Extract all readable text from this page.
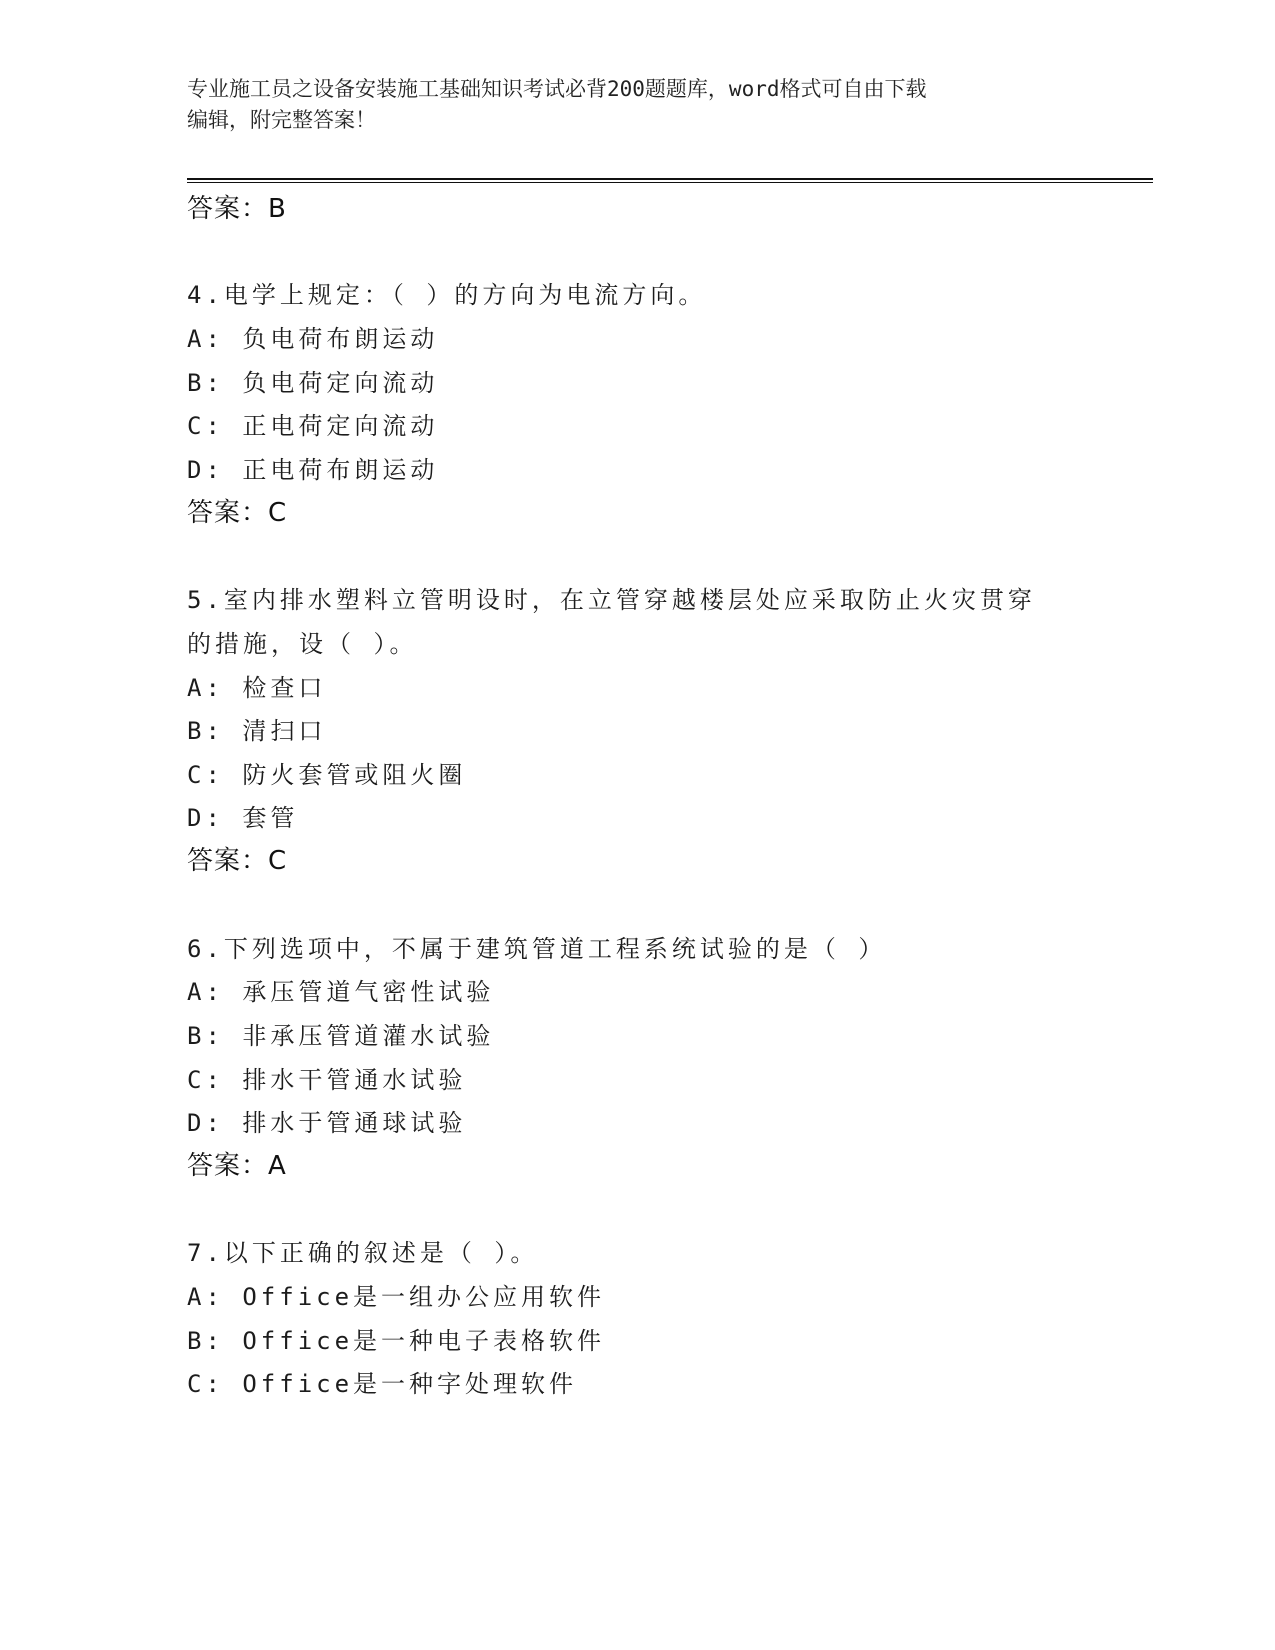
专业施工员之设备安装施工基础知识考试必背200题题库，word格式可自由下载
编辑，附完整答案！
答案：B
4.电学上规定：（ ）的方向为电流方向。
A: 负电荷布朗运动
B: 负电荷定向流动
C: 正电荷定向流动
D: 正电荷布朗运动
答案：C
5.室内排水塑料立管明设时，在立管穿越楼层处应采取防止火灾贯穿
的措施，设（ ）。
A: 检查口
B: 清扫口
C: 防火套管或阻火圈
D: 套管
答案：C
6.下列选项中，不属于建筑管道工程系统试验的是（ ）
A: 承压管道气密性试验
B: 非承压管道灌水试验
C: 排水干管通水试验
D: 排水于管通球试验
答案：A
7.以下正确的叙述是（ ）。
A: Office是一组办公应用软件
B: Office是一种电子表格软件
C: Office是一种字处理软件
